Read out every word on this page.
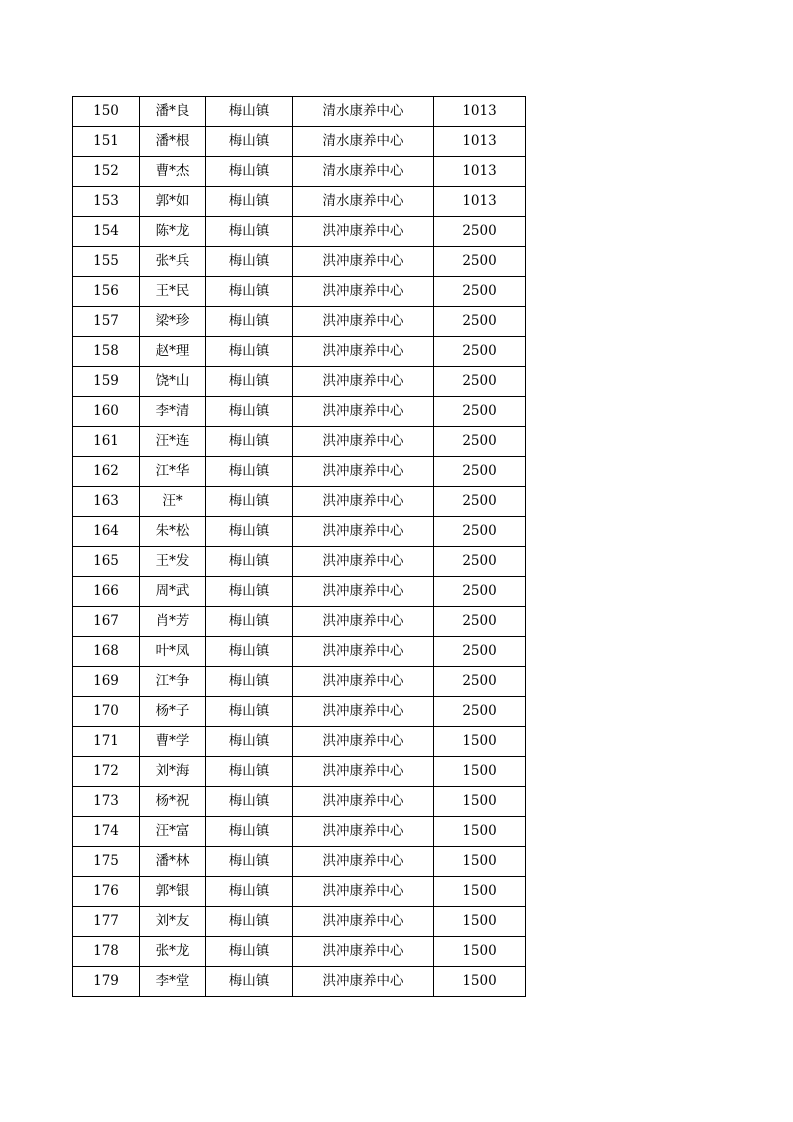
150	潘*良	梅山镇	清水康养中心	1013
151	潘*根	梅山镇	清水康养中心	1013
152	曹*杰	梅山镇	清水康养中心	1013
153	郭*如	梅山镇	清水康养中心	1013
154	陈*龙	梅山镇	洪冲康养中心	2500
155	张*兵	梅山镇	洪冲康养中心	2500
156	王*民	梅山镇	洪冲康养中心	2500
157	梁*珍	梅山镇	洪冲康养中心	2500
158	赵*理	梅山镇	洪冲康养中心	2500
159	饶*山	梅山镇	洪冲康养中心	2500
160	李*清	梅山镇	洪冲康养中心	2500
161	汪*连	梅山镇	洪冲康养中心	2500
162	江*华	梅山镇	洪冲康养中心	2500
163	汪*	梅山镇	洪冲康养中心	2500
164	朱*松	梅山镇	洪冲康养中心	2500
165	王*发	梅山镇	洪冲康养中心	2500
166	周*武	梅山镇	洪冲康养中心	2500
167	肖*芳	梅山镇	洪冲康养中心	2500
168	叶*凤	梅山镇	洪冲康养中心	2500
169	江*争	梅山镇	洪冲康养中心	2500
170	杨*子	梅山镇	洪冲康养中心	2500
171	曹*学	梅山镇	洪冲康养中心	1500
172	刘*海	梅山镇	洪冲康养中心	1500
173	杨*祝	梅山镇	洪冲康养中心	1500
174	汪*富	梅山镇	洪冲康养中心	1500
175	潘*林	梅山镇	洪冲康养中心	1500
176	郭*银	梅山镇	洪冲康养中心	1500
177	刘*友	梅山镇	洪冲康养中心	1500
178	张*龙	梅山镇	洪冲康养中心	1500
179	李*堂	梅山镇	洪冲康养中心	1500
